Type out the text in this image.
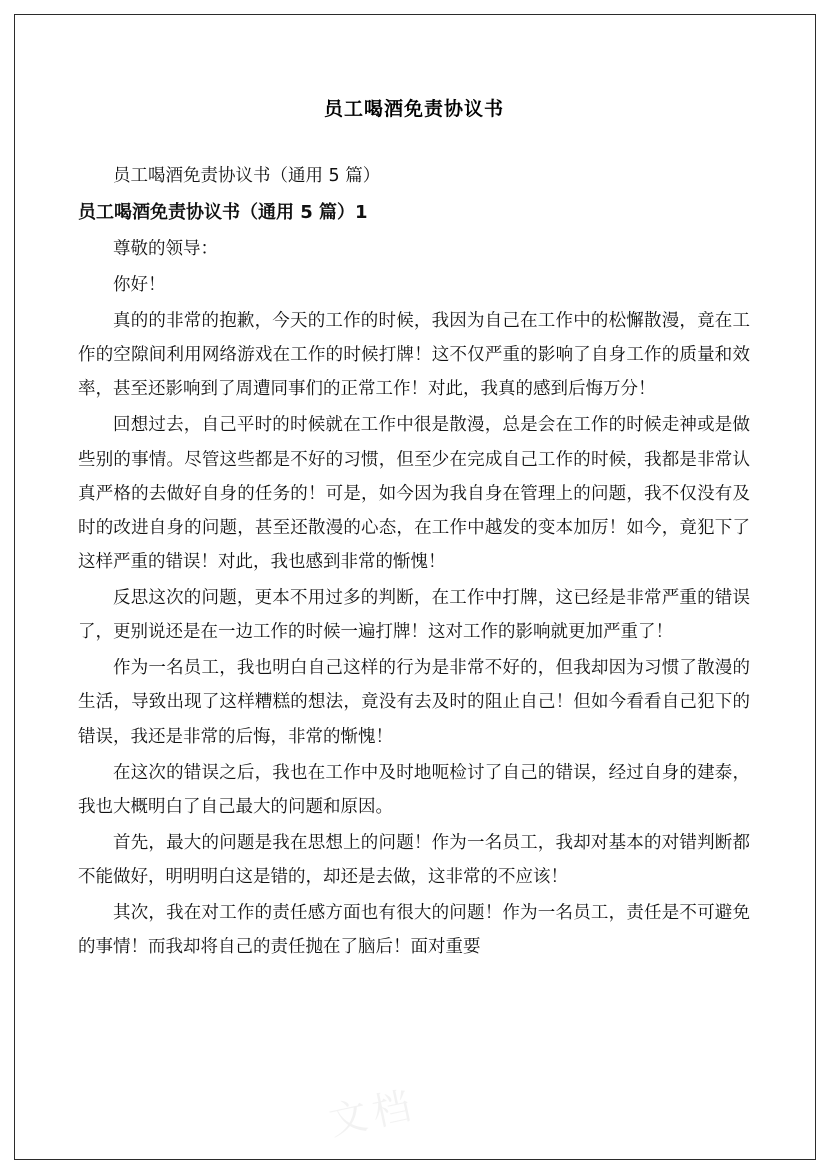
员工喝酒免责协议书

员工喝酒免责协议书（通用 5 篇）

员工喝酒免责协议书（通用 5 篇）1

尊敬的领导：

你好！

真的的非常的抱歉，今天的工作的时候，我因为自己在工作中的松懈散漫，竟在工作的空隙间利用网络游戏在工作的时候打牌！这不仅严重的影响了自身工作的质量和效率，甚至还影响到了周遭同事们的正常工作！对此，我真的感到后悔万分！

回想过去，自己平时的时候就在工作中很是散漫，总是会在工作的时候走神或是做些别的事情。尽管这些都是不好的习惯，但至少在完成自己工作的时候，我都是非常认真严格的去做好自身的任务的！可是，如今因为我自身在管理上的问题，我不仅没有及时的改进自身的问题，甚至还散漫的心态，在工作中越发的变本加厉！如今，竟犯下了这样严重的错误！对此，我也感到非常的惭愧！

反思这次的问题，更本不用过多的判断，在工作中打牌，这已经是非常严重的错误了，更别说还是在一边工作的时候一遍打牌！这对工作的影响就更加严重了！

作为一名员工，我也明白自己这样的行为是非常不好的，但我却因为习惯了散漫的生活，导致出现了这样糟糕的想法，竟没有去及时的阻止自己！但如今看看自己犯下的错误，我还是非常的后悔，非常的惭愧！

在这次的错误之后，我也在工作中及时地呃检讨了自己的错误，经过自身的建泰，我也大概明白了自己最大的问题和原因。

首先，最大的问题是我在思想上的问题！作为一名员工，我却对基本的对错判断都不能做好，明明明白这是错的，却还是去做，这非常的不应该！

其次，我在对工作的责任感方面也有很大的问题！作为一名员工，责任是不可避免的事情！而我却将自己的责任抛在了脑后！面对重要

文档
